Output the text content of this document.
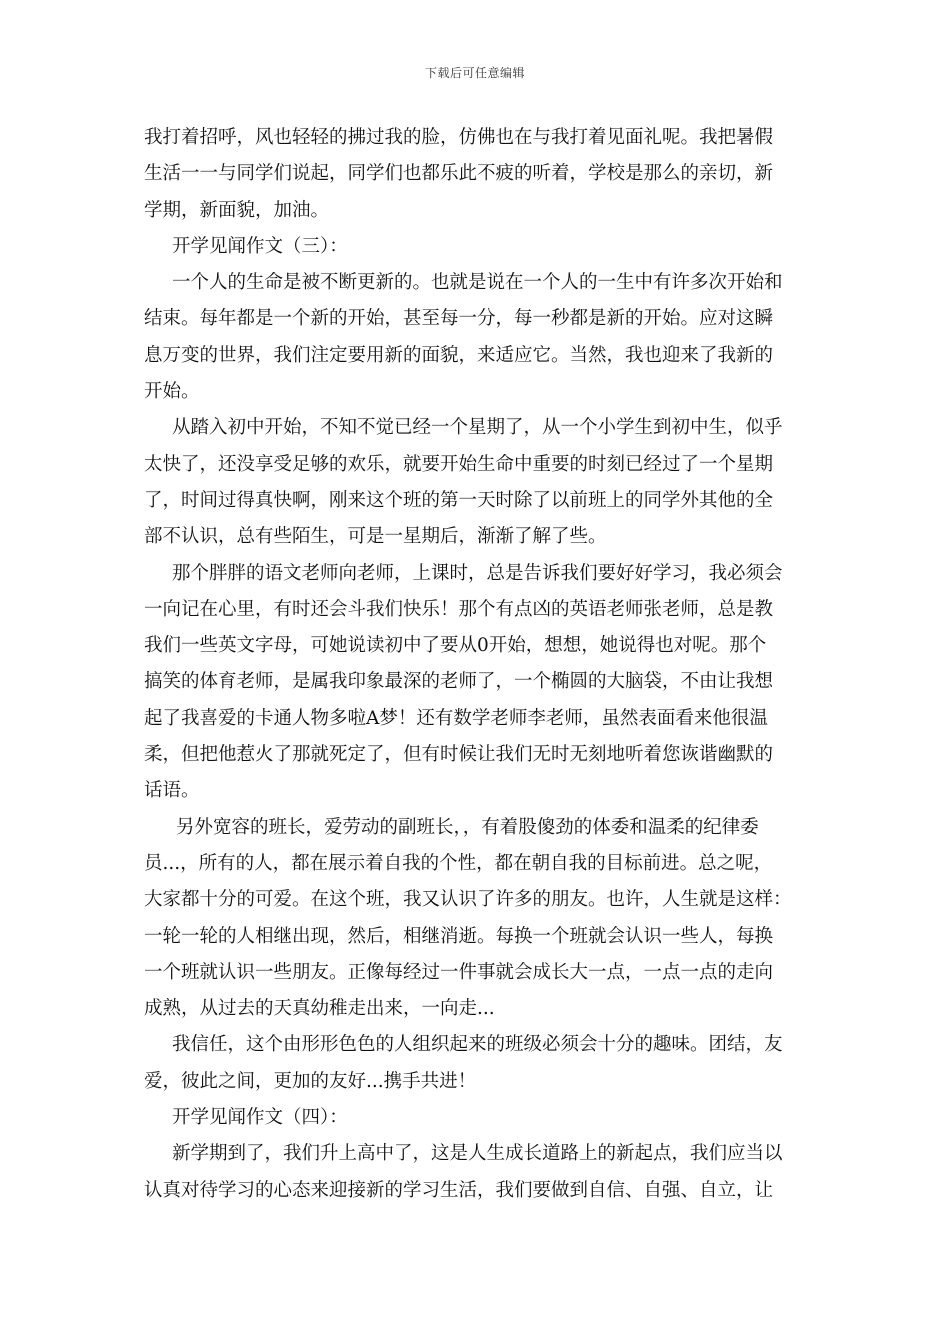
下载后可任意编辑
我打着招呼，风也轻轻的拂过我的脸，仿佛也在与我打着见面礼呢。我把暑假
生活一一与同学们说起，同学们也都乐此不疲的听着，学校是那么的亲切，新
学期，新面貌，加油。
开学见闻作文（三）：
一个人的生命是被不断更新的。也就是说在一个人的一生中有许多次开始和
结束。每年都是一个新的开始，甚至每一分，每一秒都是新的开始。应对这瞬
息万变的世界，我们注定要用新的面貌，来适应它。当然，我也迎来了我新的
开始。
从踏入初中开始，不知不觉已经一个星期了，从一个小学生到初中生，似乎
太快了，还没享受足够的欢乐，就要开始生命中重要的时刻已经过了一个星期
了，时间过得真快啊，刚来这个班的第一天时除了以前班上的同学外其他的全
部不认识，总有些陌生，可是一星期后，渐渐了解了些。
那个胖胖的语文老师向老师，上课时，总是告诉我们要好好学习，我必须会
一向记在心里，有时还会斗我们快乐！那个有点凶的英语老师张老师，总是教
我们一些英文字母，可她说读初中了要从0开始，想想，她说得也对呢。那个
搞笑的体育老师，是属我印象最深的老师了，一个椭圆的大脑袋，不由让我想
起了我喜爱的卡通人物多啦A梦！还有数学老师李老师，虽然表面看来他很温
柔，但把他惹火了那就死定了，但有时候让我们无时无刻地听着您诙谐幽默的
话语。
另外宽容的班长，爱劳动的副班长，，有着股傻劲的体委和温柔的纪律委
员...，所有的人，都在展示着自我的个性，都在朝自我的目标前进。总之呢，
大家都十分的可爱。在这个班，我又认识了许多的朋友。也许，人生就是这样：
一轮一轮的人相继出现，然后，相继消逝。每换一个班就会认识一些人，每换
一个班就认识一些朋友。正像每经过一件事就会成长大一点，一点一点的走向
成熟，从过去的天真幼稚走出来，一向走...
我信任，这个由形形色色的人组织起来的班级必须会十分的趣味。团结，友
爱，彼此之间，更加的友好...携手共进！
开学见闻作文（四）：
新学期到了，我们升上高中了，这是人生成长道路上的新起点，我们应当以
认真对待学习的心态来迎接新的学习生活，我们要做到自信、自强、自立，让
